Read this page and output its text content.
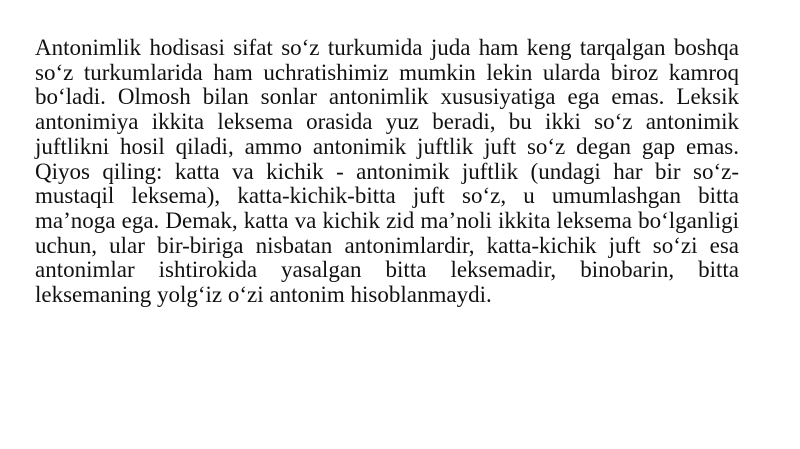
Antonimlik hodisasi sifat so‘z turkumida juda ham keng tarqalgan boshqa so‘z turkumlarida ham uchratishimiz mumkin lekin ularda biroz kamroq bo‘ladi. Olmosh bilan sonlar antonimlik xususiyatiga ega emas. Leksik antonimiya ikkita leksema orasida yuz beradi, bu ikki so‘z antonimik juftlikni hosil qiladi, ammo antonimik juftlik juft so‘z degan gap emas. Qiyos qiling: katta va kichik - antonimik juftlik (undagi har bir so‘z-mustaqil leksema), katta-kichik-bitta juft so‘z, u umumlashgan bitta ma’noga ega. Demak, katta va kichik zid ma’noli ikkita leksema bo‘lganligi uchun, ular bir-biriga nisbatan antonimlardir, katta-kichik juft so‘zi esa antonimlar ishtirokida yasalgan bitta leksemadir, binobarin, bitta leksemaning yolg‘iz o‘zi antonim hisoblanmaydi.
